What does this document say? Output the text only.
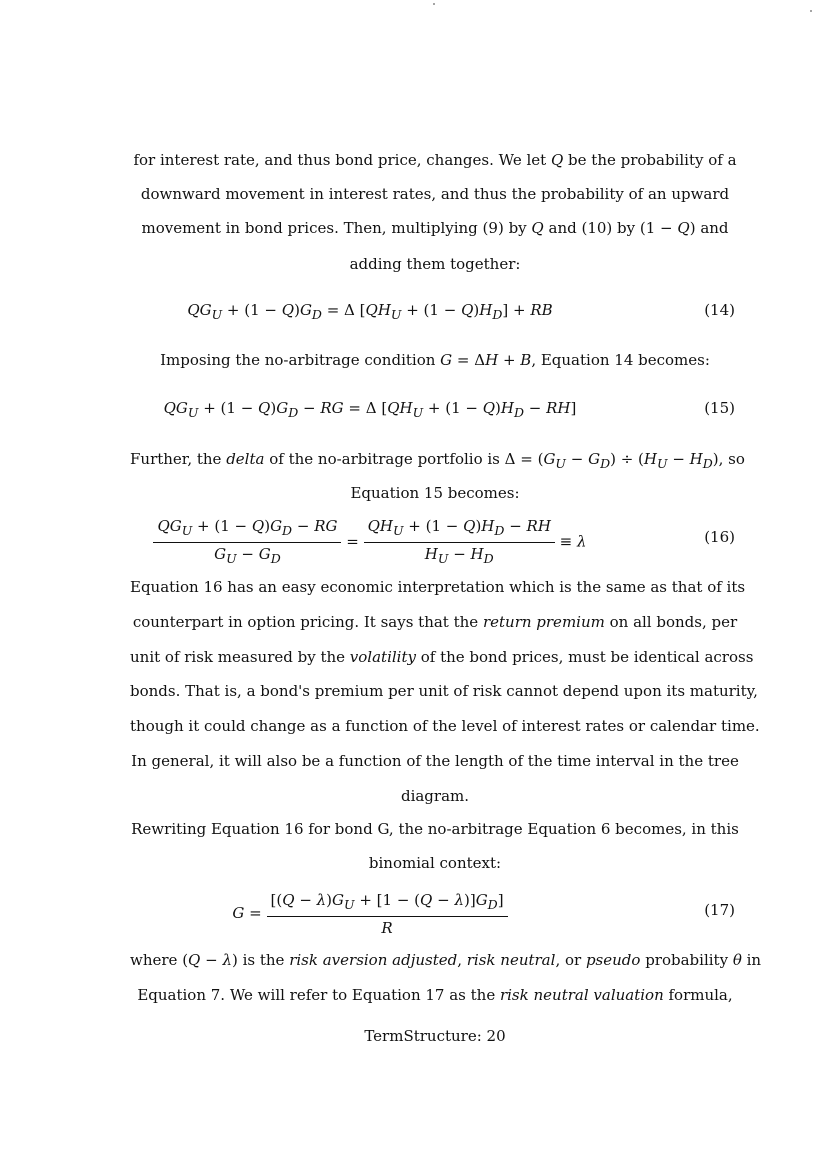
for interest rate, and thus bond price, changes. We let Q be the probability of a
downward movement in interest rates, and thus the probability of an upward
movement in bond prices. Then, multiplying (9) by Q and (10) by (1 − Q) and
adding them together:
$QG_U + (1 - Q)G_D = \Delta$ $[QH_U + (1 - Q)H_D]$ + RB	(14)
Imposing the no-arbitrage condition G = ΔH + B, Equation 14 becomes:
$QG_U + (1 - Q)G_D$ − RG = Δ $[QH_U + (1 - Q)H_D - RH]$	(15)
Further, the delta of the no-arbitrage portfolio is $\Delta = (G_U - G_D) \div (H_U - H_D)$, so
Equation 15 becomes:
$\frac{QG_U + (1 - Q)G_D - RG}{G_U - G_D} = \frac{QH_U + (1 - Q)H_D - RH}{H_U - H_D} \equiv \lambda$	(16)
Equation 16 has an easy economic interpretation which is the same as that of its
counterpart in option pricing. It says that the return premium on all bonds, per
unit of risk measured by the volatility of the bond prices, must be identical across
bonds. That is, a bond's premium per unit of risk cannot depend upon its maturity,
though it could change as a function of the level of interest rates or calendar time.
In general, it will also be a function of the length of the time interval in the tree
diagram.
Rewriting Equation 16 for bond G, the no-arbitrage Equation 6 becomes, in this
binomial context:
$G = \frac{[(Q - \lambda)G_U + [1 - (Q - \lambda)]G_D]}{R}$	(17)
where (Q − λ) is the risk aversion adjusted, risk neutral, or pseudo probability θ in
Equation 7. We will refer to Equation 17 as the risk neutral valuation formula,
TermStructure: 20
